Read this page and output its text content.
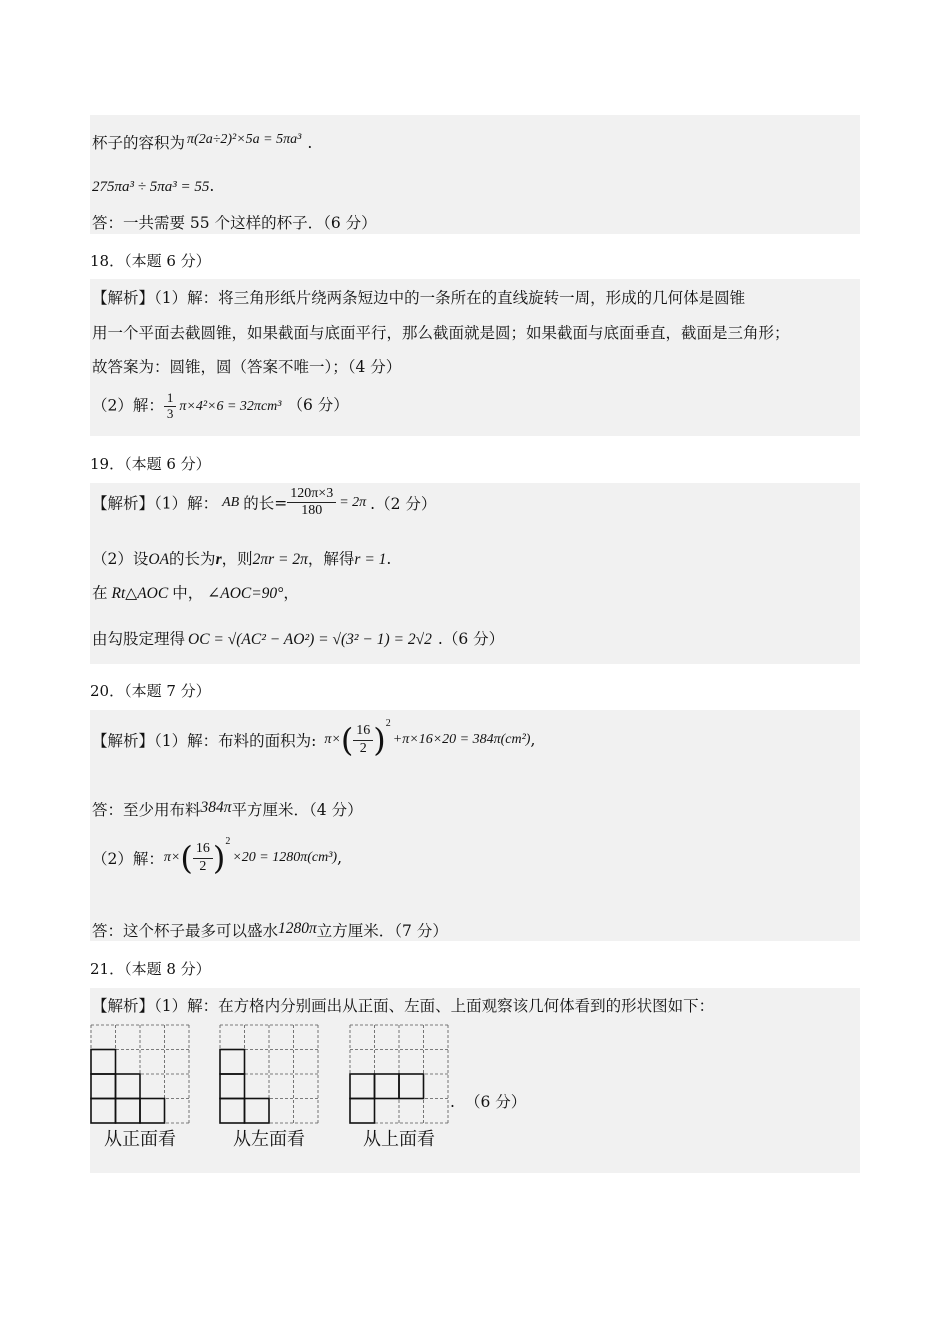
杯子的容积为 π(2a÷2)²×5a = 5πa³ .
275πa³ ÷ 5πa³ = 55.
答：一共需要 55 个这样的杯子．（6 分）
18．（本题 6 分）
【解析】（1）解：将三角形纸片绕两条短边中的一条所在的直线旋转一周，形成的几何体是圆锥
用一个平面去截圆锥，如果截面与底面平行，那么截面就是圆；如果截面与底面垂直，截面是三角形；
故答案为：圆锥，圆（答案不唯一）；（4 分）
（2）解： $\frac{1}{3} \pi\times 4^2\times 6 = 32\pi cm^3$ （6 分）
19．（本题 6 分）
【解析】（1）解： AB 的长= $\frac{120\pi\times 3}{180} = 2\pi$ .（2 分）
（2）设OA的长为r，则2πr = 2π，解得r = 1.
在 Rt△AOC 中， ∠AOC=90°，
由勾股定理得 OC = √(AC² − AO²) = √(3² − 1) = 2√2 .（6 分）
20．（本题 7 分）
【解析】（1）解：布料的面积为: $\pi\times( \frac{16}{2} )^2+\pi\times 16\times 20 = 384\pi(cm^2)$,
答：至少用布料384π平方厘米．（4 分）
（2）解：$\pi\times( \frac{16}{2} )^2\times 20 = 1280\pi(cm^3)$,
答：这个杯子最多可以盛水1280π立方厘米．（7 分）
21．（本题 8 分）
【解析】（1）解：在方格内分别画出从正面、左面、上面观察该几何体看到的形状图如下：
从正面看	从左面看	从上面看
. （6 分）
